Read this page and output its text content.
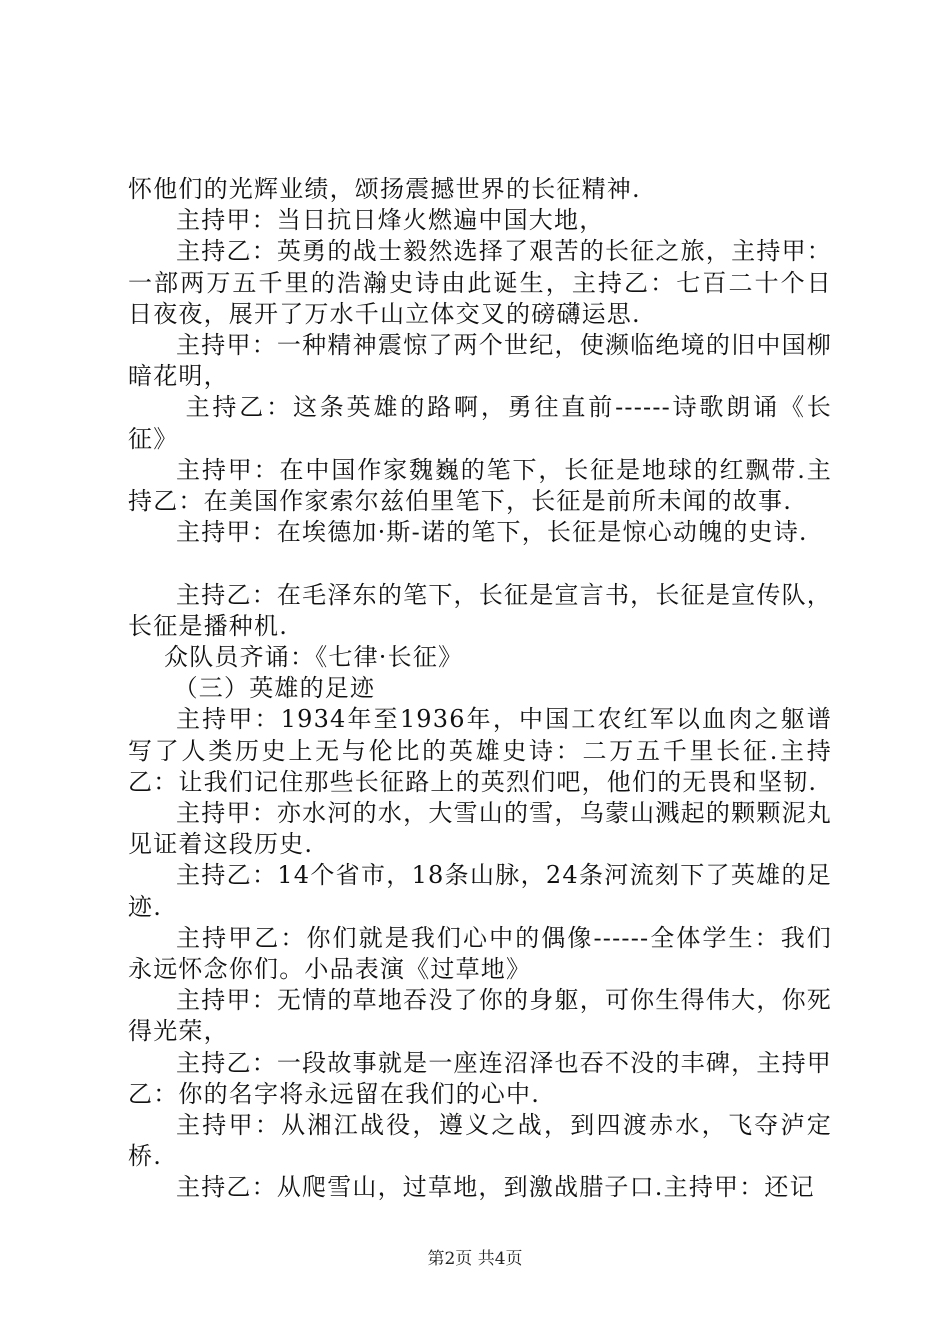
怀他们的光辉业绩，颂扬震撼世界的长征精神.

主持甲：当日抗日烽火燃遍中国大地，

主持乙：英勇的战士毅然选择了艰苦的长征之旅，主持甲：一部两万五千里的浩瀚史诗由此诞生，主持乙：七百二十个日日夜夜，展开了万水千山立体交叉的磅礴运思.

主持甲：一种精神震惊了两个世纪，使濒临绝境的旧中国柳暗花明，

主持乙：这条英雄的路啊，勇往直前------诗歌朗诵《长征》

主持甲：在中国作家魏巍的笔下，长征是地球的红飘带.主持乙：在美国作家索尔兹伯里笔下，长征是前所未闻的故事.

主持甲：在埃德加·斯-诺的笔下，长征是惊心动魄的史诗.

主持乙：在毛泽东的笔下，长征是宣言书，长征是宣传队，长征是播种机.

众队员齐诵：《七律·长征》

（三）英雄的足迹

主持甲：1934年至1936年，中国工农红军以血肉之躯谱写了人类历史上无与伦比的英雄史诗：二万五千里长征.主持乙：让我们记住那些长征路上的英烈们吧，他们的无畏和坚韧.

主持甲：亦水河的水，大雪山的雪，乌蒙山溅起的颗颗泥丸见证着这段历史.

主持乙：14个省市，18条山脉，24条河流刻下了英雄的足迹.

主持甲乙：你们就是我们心中的偶像------全体学生：我们永远怀念你们。小品表演《过草地》

主持甲：无情的草地吞没了你的身躯，可你生得伟大，你死得光荣，

主持乙：一段故事就是一座连沼泽也吞不没的丰碑，主持甲乙：你的名字将永远留在我们的心中.

主持甲：从湘江战役，遵义之战，到四渡赤水，飞夺泸定桥.

主持乙：从爬雪山，过草地，到激战腊子口.主持甲：还记

第2页 共4页
